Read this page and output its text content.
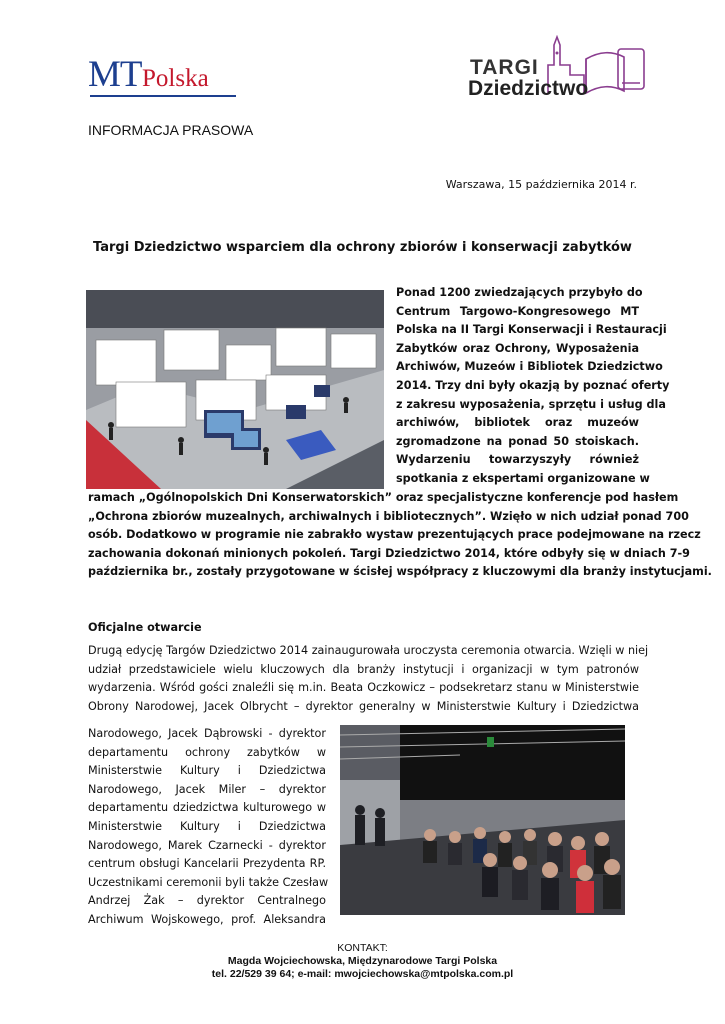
MT Polska	TARGI
Dziedzictwo
INFORMACJA PRASOWA
Warszawa, 15 października 2014 r.
Targi Dziedzictwo wsparciem dla ochrony zbiorów i konserwacji zabytków
Ponad 1200 zwiedzających przybyło do
Centrum Targowo-Kongresowego MT
Polska na II Targi Konserwacji i Restauracji
Zabytków oraz Ochrony, Wyposażenia
Archiwów, Muzeów i Bibliotek Dziedzictwo
2014. Trzy dni były okazją by poznać oferty
z zakresu wyposażenia, sprzętu i usług dla
archiwów, bibliotek oraz muzeów
zgromadzone na ponad 50 stoiskach.
Wydarzeniu towarzyszyły również
spotkania z ekspertami organizowane w
ramach „Ogólnopolskich Dni Konserwatorskich” oraz specjalistyczne konferencje pod hasłem
„Ochrona zbiorów muzealnych, archiwalnych i bibliotecznych”. Wzięło w nich udział ponad 700
osób. Dodatkowo w programie nie zabrakło wystaw prezentujących prace podejmowane na rzecz
zachowania dokonań minionych pokoleń. Targi Dziedzictwo 2014, które odbyły się w dniach 7-9
października br., zostały przygotowane w ścisłej współpracy z kluczowymi dla branży instytucjami.
Oficjalne otwarcie
Drugą edycję Targów Dziedzictwo 2014 zainaugurowała uroczysta ceremonia otwarcia. Wzięli w niej
udział przedstawiciele wielu kluczowych dla branży instytucji i organizacji w tym patronów
wydarzenia. Wśród gości znaleźli się m.in. Beata Oczkowicz – podsekretarz stanu w Ministerstwie
Obrony Narodowej, Jacek Olbrycht – dyrektor generalny w Ministerstwie Kultury i Dziedzictwa
Narodowego, Jacek Dąbrowski - dyrektor
departamentu ochrony zabytków w
Ministerstwie Kultury i Dziedzictwa
Narodowego, Jacek Miler – dyrektor
departamentu dziedzictwa kulturowego w
Ministerstwie Kultury i Dziedzictwa
Narodowego, Marek Czarnecki - dyrektor
centrum obsługi Kancelarii Prezydenta RP.
Uczestnikami ceremonii byli także Czesław
Andrzej Żak – dyrektor Centralnego
Archiwum Wojskowego, prof. Aleksandra
KONTAKT:
Magda Wojciechowska, Międzynarodowe Targi Polska
tel. 22/529 39 64; e-mail: mwojciechowska@mtpolska.com.pl
